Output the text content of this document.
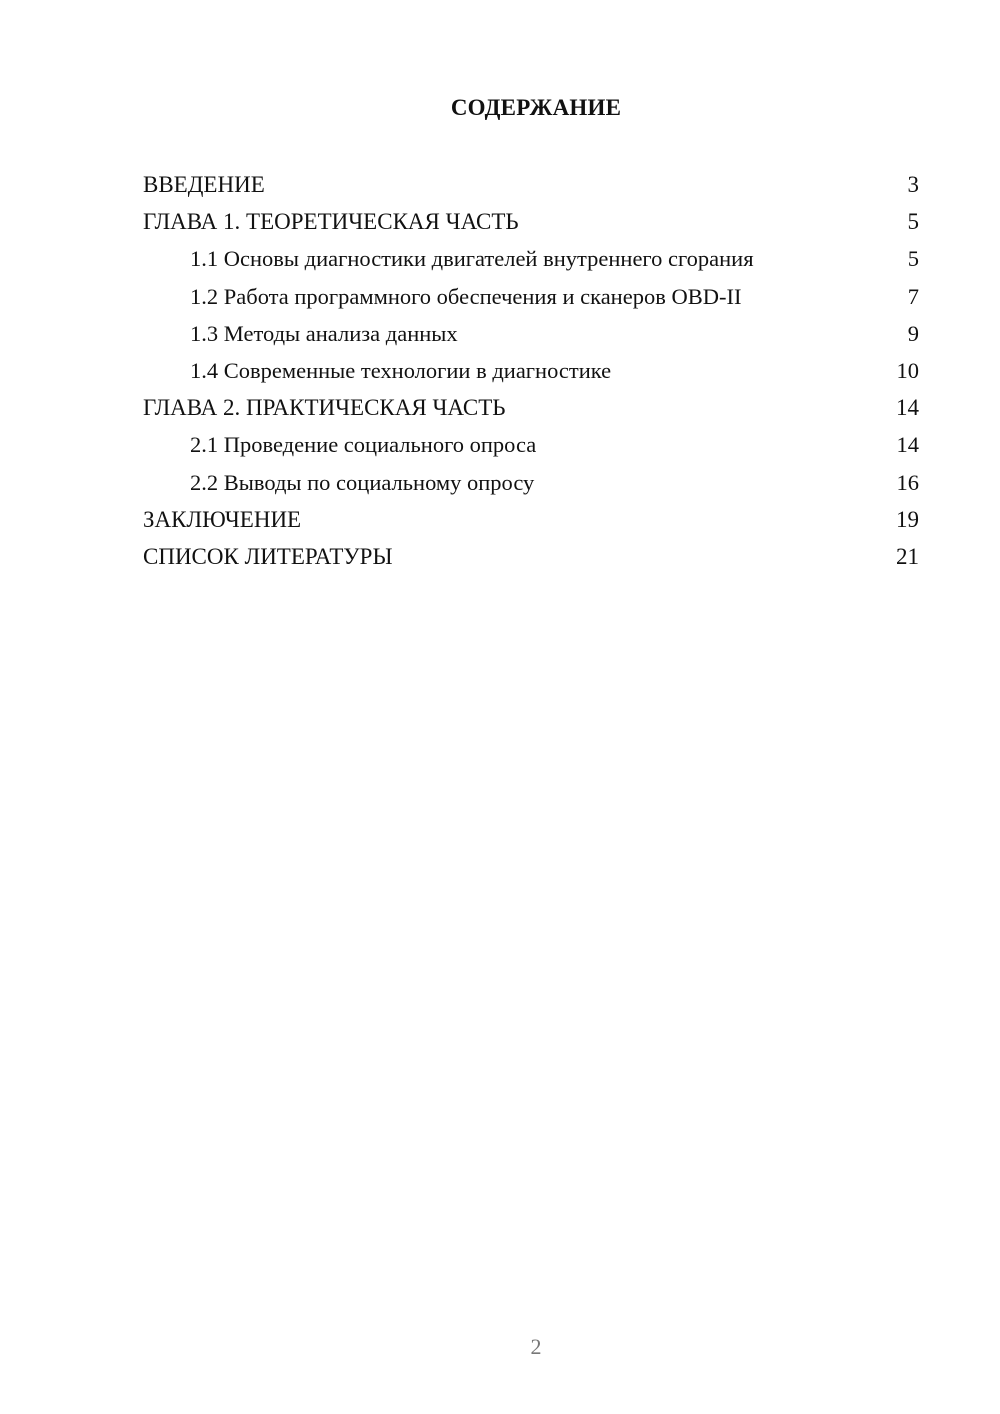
СОДЕРЖАНИЕ
ВВЕДЕНИЕ	3
ГЛАВА 1. ТЕОРЕТИЧЕСКАЯ ЧАСТЬ	5
1.1 Основы диагностики двигателей внутреннего сгорания	5
1.2 Работа программного обеспечения и сканеров OBD-II	7
1.3 Методы анализа данных	9
1.4 Современные технологии в диагностике	10
ГЛАВА 2. ПРАКТИЧЕСКАЯ ЧАСТЬ	14
2.1 Проведение социального опроса	14
2.2 Выводы по социальному опросу	16
ЗАКЛЮЧЕНИЕ	19
СПИСОК ЛИТЕРАТУРЫ	21
2
